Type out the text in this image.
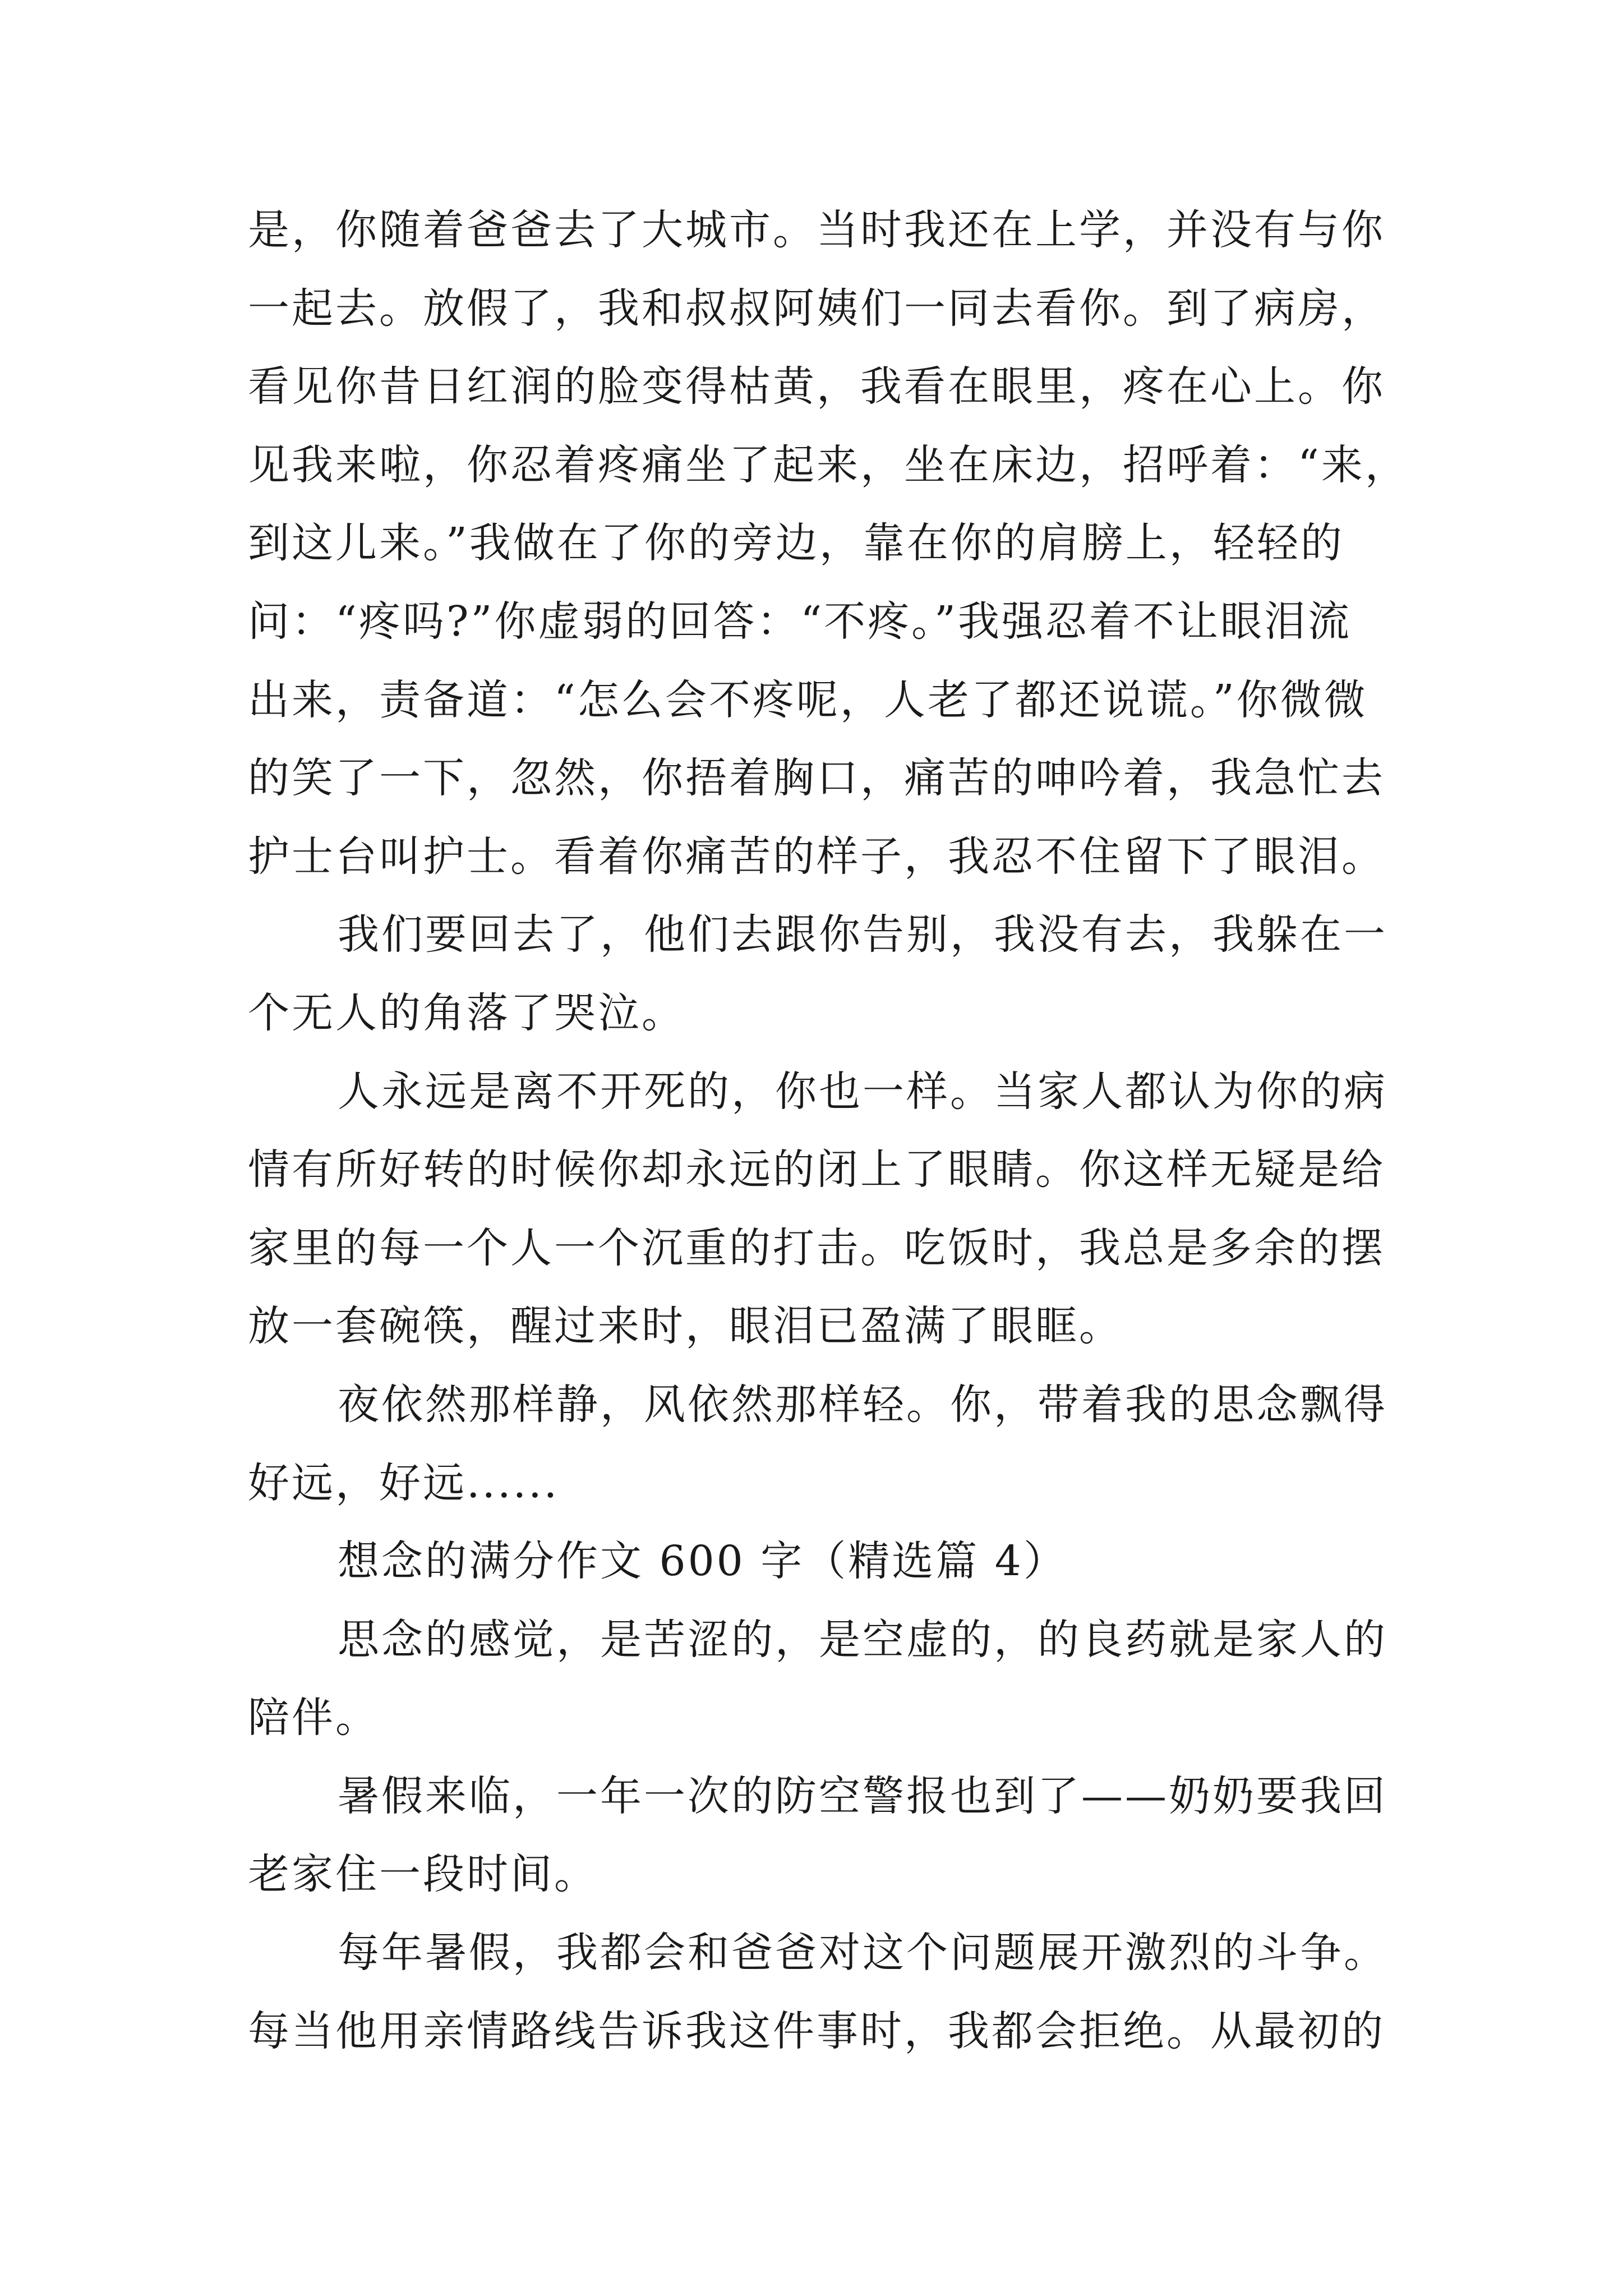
是，你随着爸爸去了大城市。当时我还在上学，并没有与你
一起去。放假了，我和叔叔阿姨们一同去看你。到了病房，
看见你昔日红润的脸变得枯黄，我看在眼里，疼在心上。你
见我来啦，你忍着疼痛坐了起来，坐在床边，招呼着：“来，
到这儿来。”我做在了你的旁边，靠在你的肩膀上，轻轻的
问：“疼吗?”你虚弱的回答：“不疼。”我强忍着不让眼泪流
出来，责备道：“怎么会不疼呢，人老了都还说谎。”你微微
的笑了一下，忽然，你捂着胸口，痛苦的呻吟着，我急忙去
护士台叫护士。看着你痛苦的样子，我忍不住留下了眼泪。
我们要回去了，他们去跟你告别，我没有去，我躲在一
个无人的角落了哭泣。
人永远是离不开死的，你也一样。当家人都认为你的病
情有所好转的时候你却永远的闭上了眼睛。你这样无疑是给
家里的每一个人一个沉重的打击。吃饭时，我总是多余的摆
放一套碗筷，醒过来时，眼泪已盈满了眼眶。
夜依然那样静，风依然那样轻。你，带着我的思念飘得
好远，好远......
想念的满分作文 600 字（精选篇 4）
思念的感觉，是苦涩的，是空虚的，的良药就是家人的
陪伴。
暑假来临，一年一次的防空警报也到了——奶奶要我回
老家住一段时间。
每年暑假，我都会和爸爸对这个问题展开激烈的斗争。
每当他用亲情路线告诉我这件事时，我都会拒绝。从最初的
